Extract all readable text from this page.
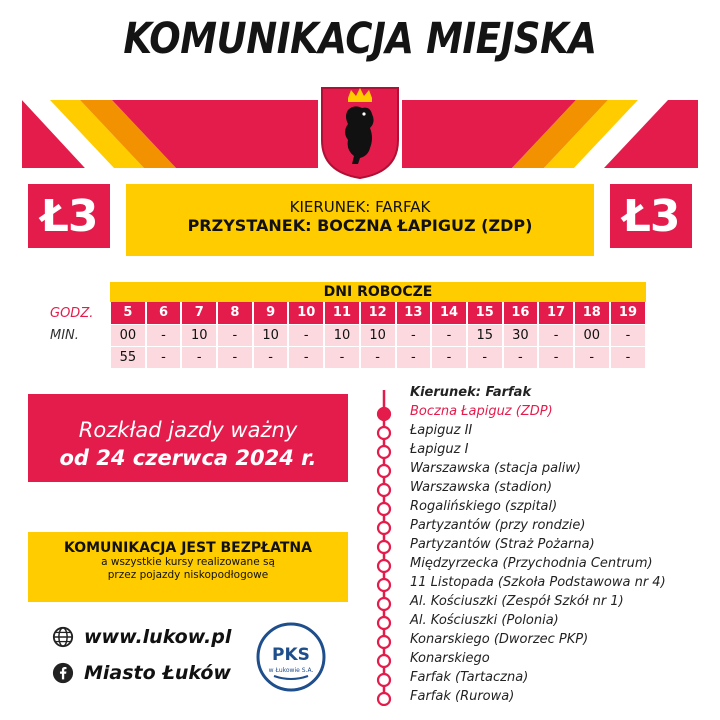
KOMUNIKACJA MIEJSKA
Ł3	Ł3
KIERUNEK: FARFAK
PRZYSTANEK: BOCZNA ŁAPIGUZ (ZDP)
DNI ROBOCZE
GODZ.	5	6	7	8	9	10	11	12	13	14	15	16	17	18	19
MIN.	00	-	10	-	10	-	10	10	-	-	15	30	-	00	-
	55	-	-	-	-	-	-	-	-	-	-	-	-	-	-
Rozkład jazdy ważny
od 24 czerwca 2024 r.
KOMUNIKACJA JEST BEZPŁATNA
a wszystkie kursy realizowane są
przez pojazdy niskopodłogowe
www.lukow.pl
Miasto Łuków
PKS
w Łukowie S.A.
Kierunek: Farfak
Boczna Łapiguz (ZDP)
Łapiguz II
Łapiguz I
Warszawska (stacja paliw)
Warszawska (stadion)
Rogalińskiego (szpital)
Partyzantów (przy rondzie)
Partyzantów (Straż Pożarna)
Międzyrzecka (Przychodnia Centrum)
11 Listopada (Szkoła Podstawowa nr 4)
Al. Kościuszki (Zespół Szkół nr 1)
Al. Kościuszki (Polonia)
Konarskiego (Dworzec PKP)
Konarskiego
Farfak (Tartaczna)
Farfak (Rurowa)
